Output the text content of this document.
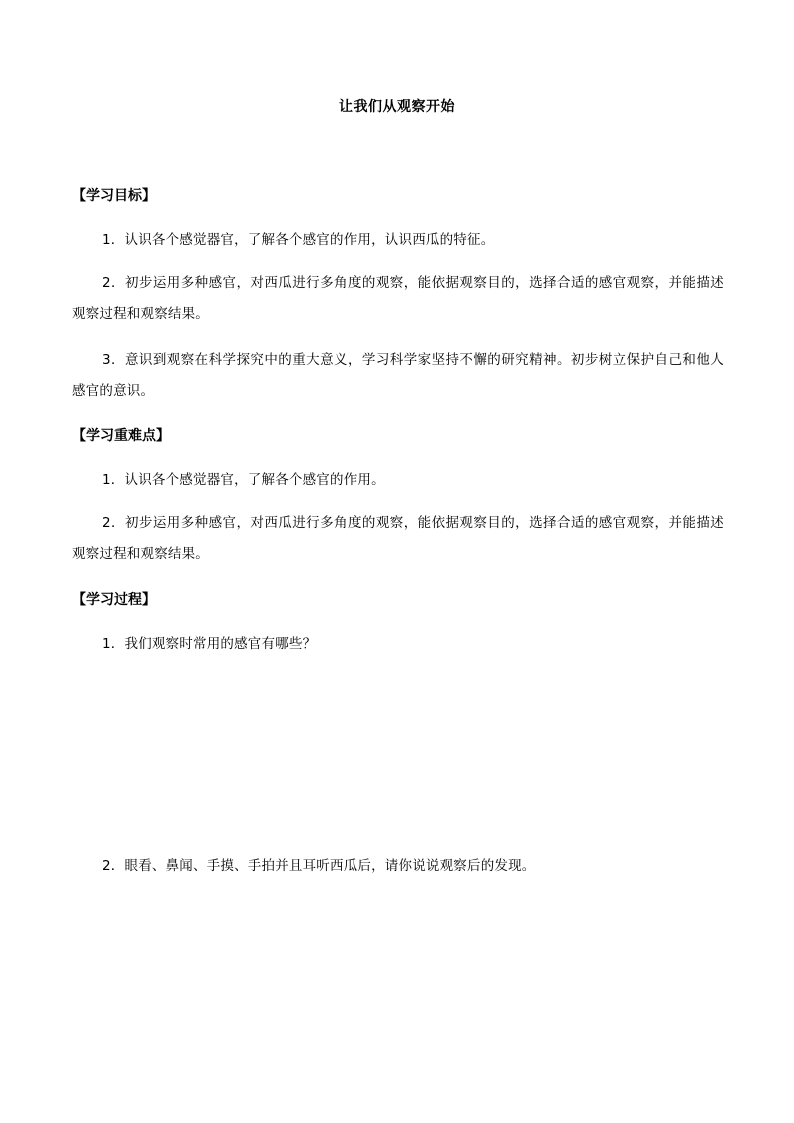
让我们从观察开始
【学习目标】
1．认识各个感觉器官，了解各个感官的作用，认识西瓜的特征。
2．初步运用多种感官，对西瓜进行多角度的观察，能依据观察目的，选择合适的感官观察，并能描述观察过程和观察结果。
3．意识到观察在科学探究中的重大意义，学习科学家坚持不懈的研究精神。初步树立保护自己和他人感官的意识。
【学习重难点】
1．认识各个感觉器官，了解各个感官的作用。
2．初步运用多种感官，对西瓜进行多角度的观察，能依据观察目的，选择合适的感官观察，并能描述观察过程和观察结果。
【学习过程】
1．我们观察时常用的感官有哪些？
2．眼看、鼻闻、手摸、手拍并且耳听西瓜后，请你说说观察后的发现。
